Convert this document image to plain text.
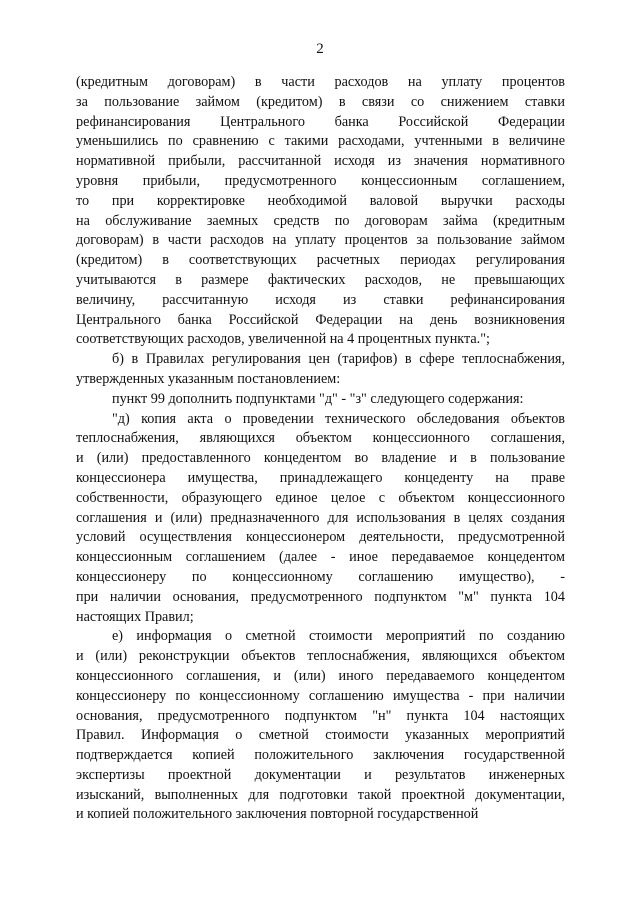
2
(кредитным договорам) в части расходов на уплату процентов
за пользование займом (кредитом) в связи со снижением ставки
рефинансирования Центрального банка Российской Федерации
уменьшились по сравнению с такими расходами, учтенными в величине
нормативной прибыли, рассчитанной исходя из значения нормативного
уровня прибыли, предусмотренного концессионным соглашением,
то при корректировке необходимой валовой выручки расходы
на обслуживание заемных средств по договорам займа (кредитным
договорам) в части расходов на уплату процентов за пользование займом
(кредитом) в соответствующих расчетных периодах регулирования
учитываются в размере фактических расходов, не превышающих
величину, рассчитанную исходя из ставки рефинансирования
Центрального банка Российской Федерации на день возникновения
соответствующих расходов, увеличенной на 4 процентных пункта.";
б) в Правилах регулирования цен (тарифов) в сфере теплоснабжения,
утвержденных указанным постановлением:
пункт 99 дополнить подпунктами "д" - "з" следующего содержания:
"д) копия акта о проведении технического обследования объектов
теплоснабжения, являющихся объектом концессионного соглашения,
и (или) предоставленного концедентом во владение и в пользование
концессионера имущества, принадлежащего концеденту на праве
собственности, образующего единое целое с объектом концессионного
соглашения и (или) предназначенного для использования в целях создания
условий осуществления концессионером деятельности, предусмотренной
концессионным соглашением (далее - иное передаваемое концедентом
концессионеру по концессионному соглашению имущество), -
при наличии основания, предусмотренного подпунктом "м" пункта 104
настоящих Правил;
е) информация о сметной стоимости мероприятий по созданию
и (или) реконструкции объектов теплоснабжения, являющихся объектом
концессионного соглашения, и (или) иного передаваемого концедентом
концессионеру по концессионному соглашению имущества - при наличии
основания, предусмотренного подпунктом "н" пункта 104 настоящих
Правил. Информация о сметной стоимости указанных мероприятий
подтверждается копией положительного заключения государственной
экспертизы проектной документации и результатов инженерных
изысканий, выполненных для подготовки такой проектной документации,
и копией положительного заключения повторной государственной
